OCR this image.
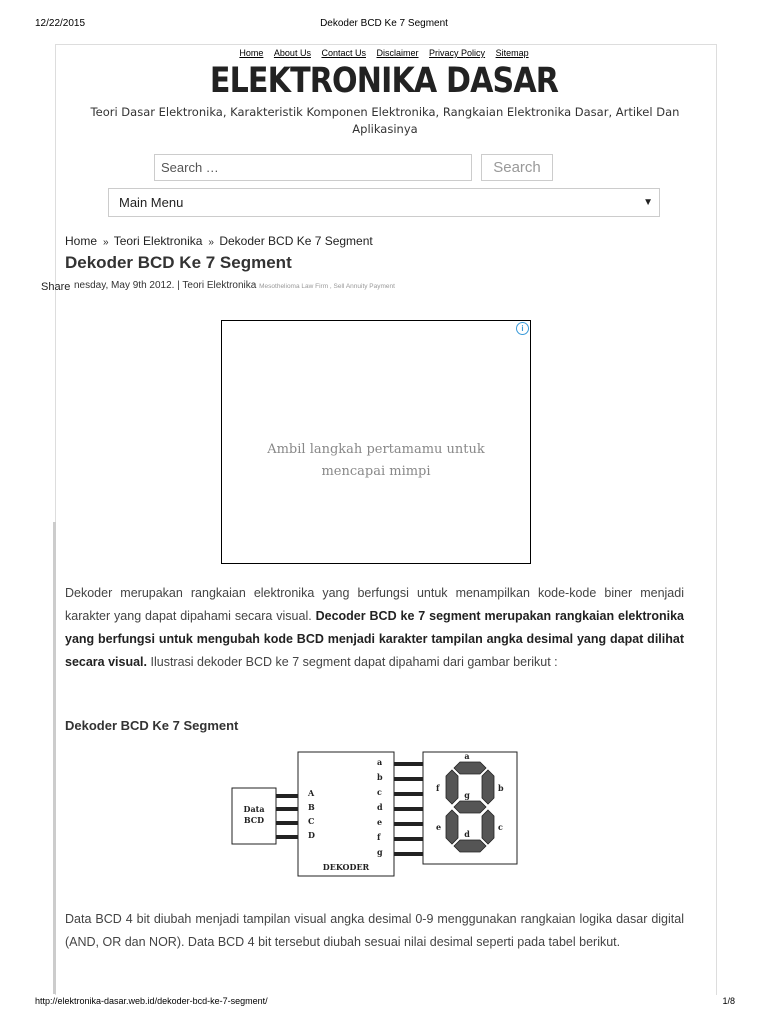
12/22/2015	Dekoder BCD Ke 7 Segment
Home About Us Contact Us Disclaimer Privacy Policy Sitemap
ELEKTRONIKA DASAR
Teori Dasar Elektronika, Karakteristik Komponen Elektronika, Rangkaian Elektronika Dasar, Artikel Dan Aplikasinya
Search …	Search
Main Menu	▼
Home » Teori Elektronika » Dekoder BCD Ke 7 Segment
Dekoder BCD Ke 7 Segment
Share nesday, May 9th 2012. | Teori Elektronika Mesothelioma Law Firm , Sell Annuity Payment
i
Ambil langkah pertamamu untuk mencapai mimpi
Dekoder merupakan rangkaian elektronika yang berfungsi untuk menampilkan kode-kode biner menjadi karakter yang dapat dipahami secara visual. Decoder BCD ke 7 segment merupakan rangkaian elektronika yang berfungsi untuk mengubah kode BCD menjadi karakter tampilan angka desimal yang dapat dilihat secara visual. Ilustrasi dekoder BCD ke 7 segment dapat dipahami dari gambar berikut :
Dekoder BCD Ke 7 Segment
Data
BCD
A
B
C
D
DEKODER
a
b
c
d
e
f
g
a
b
c
d
e
f
g
Data BCD 4 bit diubah menjadi tampilan visual angka desimal 0-9 menggunakan rangkaian logika dasar digital (AND, OR dan NOR). Data BCD 4 bit tersebut diubah sesuai nilai desimal seperti pada tabel berikut.
http://elektronika-dasar.web.id/dekoder-bcd-ke-7-segment/	1/8
